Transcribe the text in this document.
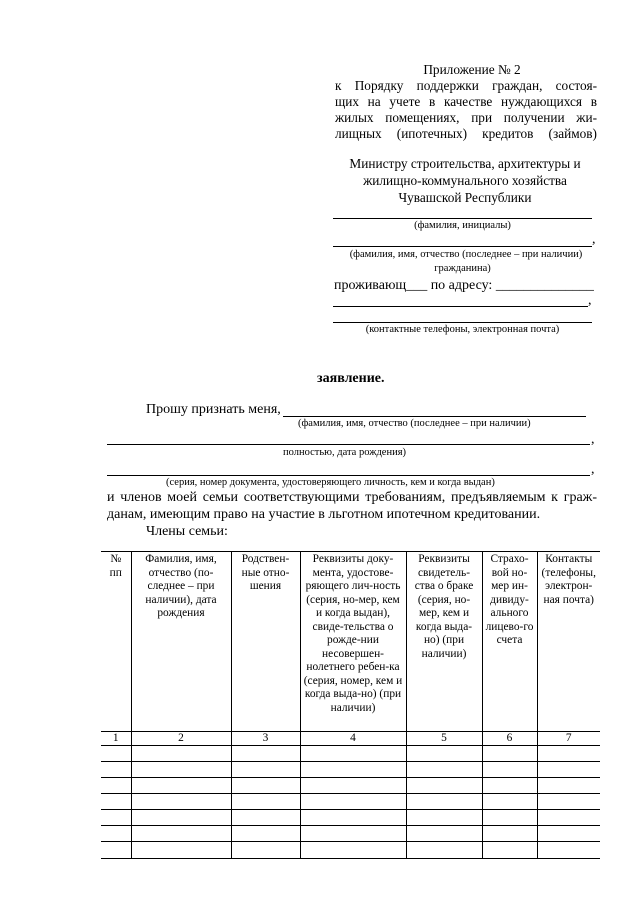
Приложение № 2
к Порядку поддержки граждан, состоя-
щих на учете в качестве нуждающихся в
жилых помещениях, при получении жи-
лищных (ипотечных) кредитов (займов)
Министру строительства, архитектуры и
жилищно-коммунального хозяйства
Чувашской Республики
(фамилия, инициалы)
,
(фамилия, имя, отчество (последнее – при наличии)
гражданина)
проживающ___ по адресу: ______________
,
(контактные телефоны, электронная почта)
заявление.
Прошу признать меня,
(фамилия, имя, отчество (последнее – при наличии)
,
полностью, дата рождения)
,
(серия, номер документа, удостоверяющего личность, кем и когда выдан)
и членов моей семьи соответствующими требованиям, предъявляемым к граж-
данам, имеющим право на участие в льготном ипотечном кредитовании.
Члены семьи:
№ пп	Фамилия, имя, отчество (по-следнее – при наличии), дата рождения	Родствен-ные отно-шения	Реквизиты доку-мента, удостове-ряющего лич-ность (серия, но-мер, кем и когда выдан), свиде-тельства о рожде-нии несовершен-нолетнего ребен-ка (серия, номер, кем и когда выда-но) (при наличии)	Реквизиты свидетель-ства о браке (серия, но-мер, кем и когда выда-но) (при наличии)	Страхо-вой но-мер ин-дивиду-ального лицево-го счета	Контакты (телефоны, электрон-ная почта)
1	2	3	4	5	6	7
